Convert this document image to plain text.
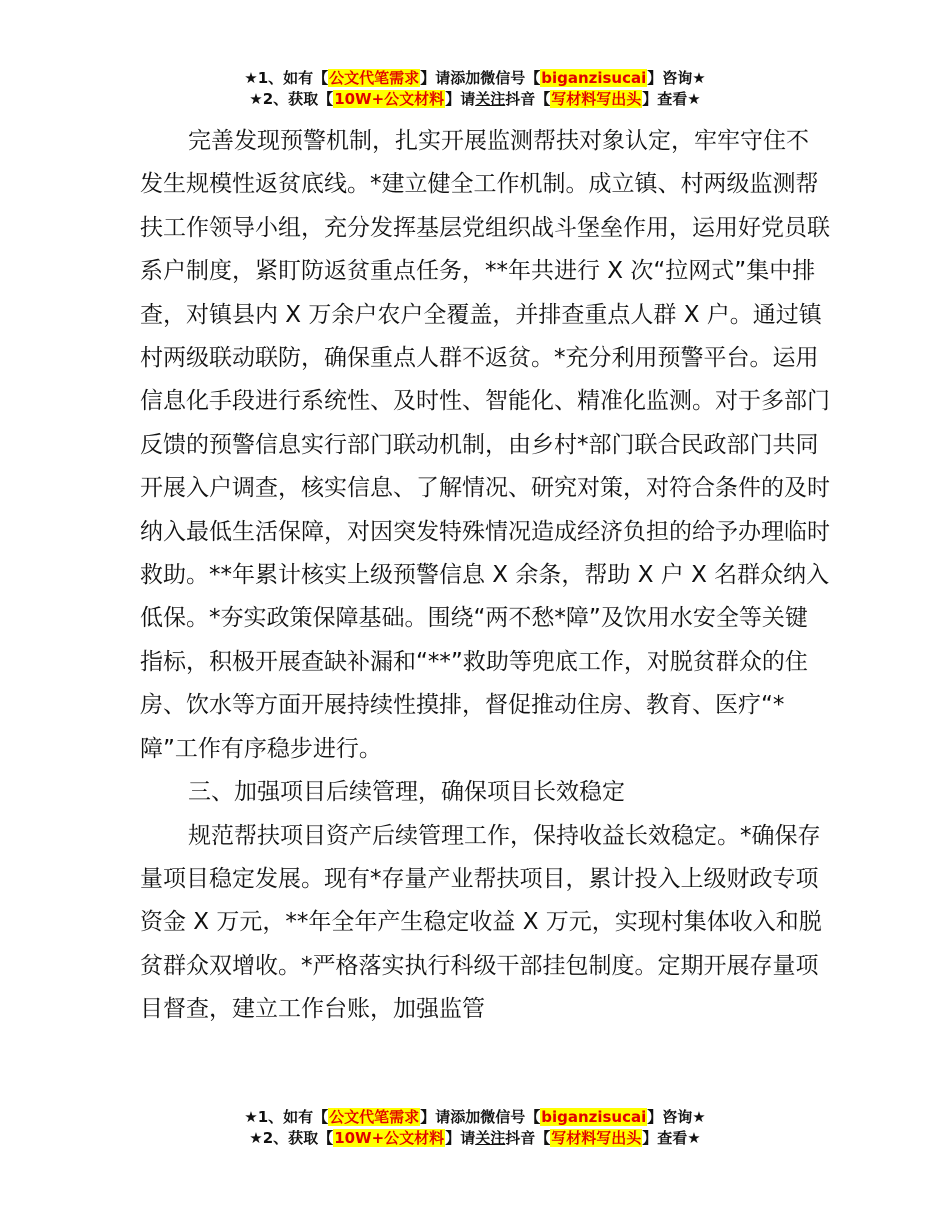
★1、如有【公文代笔需求】请添加微信号【biganzisucai】咨询★
★2、获取【10W+公文材料】请关注抖音【写材料写出头】查看★

完善发现预警机制，扎实开展监测帮扶对象认定，牢牢守住不发生规模性返贫底线。*建立健全工作机制。成立镇、村两级监测帮扶工作领导小组，充分发挥基层党组织战斗堡垒作用，运用好党员联系户制度，紧盯防返贫重点任务，**年共进行 X 次“拉网式”集中排查，对镇县内 X 万余户农户全覆盖，并排查重点人群 X 户。通过镇村两级联动联防，确保重点人群不返贫。*充分利用预警平台。运用信息化手段进行系统性、及时性、智能化、精准化监测。对于多部门反馈的预警信息实行部门联动机制，由乡村*部门联合民政部门共同开展入户调查，核实信息、了解情况、研究对策，对符合条件的及时纳入最低生活保障，对因突发特殊情况造成经济负担的给予办理临时救助。**年累计核实上级预警信息 X 余条，帮助 X 户 X 名群众纳入低保。*夯实政策保障基础。围绕“两不愁*障”及饮用水安全等关键指标，积极开展查缺补漏和“**”救助等兜底工作，对脱贫群众的住房、饮水等方面开展持续性摸排，督促推动住房、教育、医疗“*障”工作有序稳步进行。

三、加强项目后续管理，确保项目长效稳定

规范帮扶项目资产后续管理工作，保持收益长效稳定。*确保存量项目稳定发展。现有*存量产业帮扶项目，累计投入上级财政专项资金 X 万元，**年全年产生稳定收益 X 万元，实现村集体收入和脱贫群众双增收。*严格落实执行科级干部挂包制度。定期开展存量项目督查，建立工作台账，加强监管

★1、如有【公文代笔需求】请添加微信号【biganzisucai】咨询★
★2、获取【10W+公文材料】请关注抖音【写材料写出头】查看★
